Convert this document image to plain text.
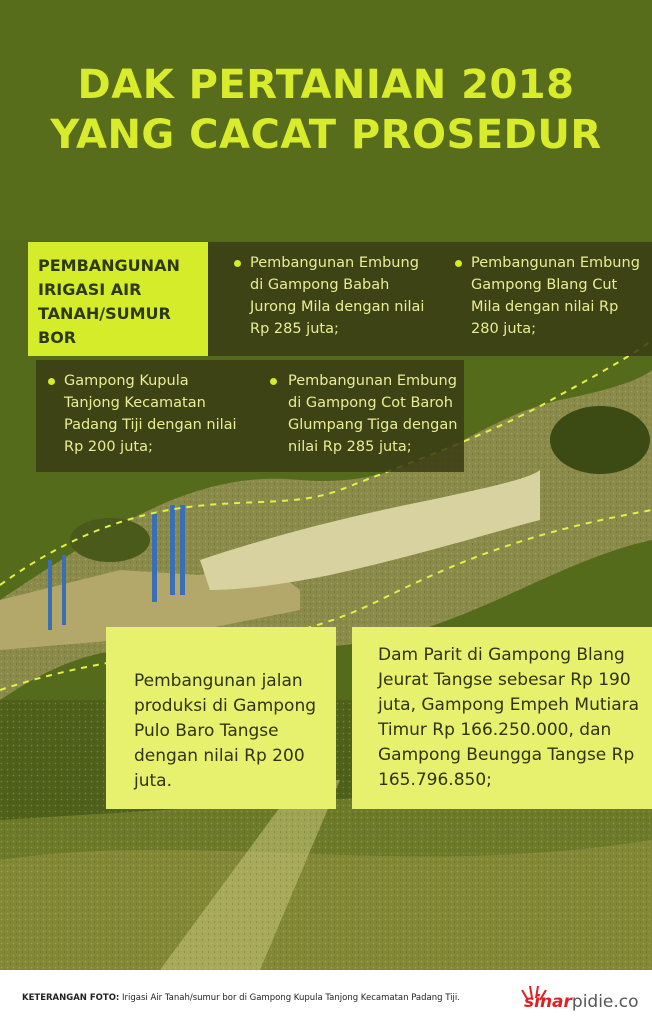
DAK PERTANIAN 2018
YANG CACAT PROSEDUR
PEMBANGUNAN IRIGASI AIR TANAH/SUMUR BOR
Pembangunan Embung di Gampong Babah Jurong Mila dengan nilai Rp 285 juta;
Pembangunan Embung Gampong Blang Cut Mila dengan nilai Rp 280 juta;
Gampong Kupula Tanjong Kecamatan Padang Tiji dengan nilai Rp 200 juta;
Pembangunan Embung di Gampong Cot Baroh Glumpang Tiga dengan nilai Rp 285 juta;
Pembangunan jalan produksi di Gampong Pulo Baro Tangse dengan nilai Rp 200 juta.
Dam Parit di Gampong Blang Jeurat Tangse sebesar Rp 190 juta, Gampong Empeh Mutiara Timur Rp 166.250.000, dan Gampong Beungga Tangse Rp 165.796.850;
KETERANGAN FOTO: Irigasi Air Tanah/sumur bor di Gampong Kupula Tanjong Kecamatan Padang Tiji.	sinarpidie.co
